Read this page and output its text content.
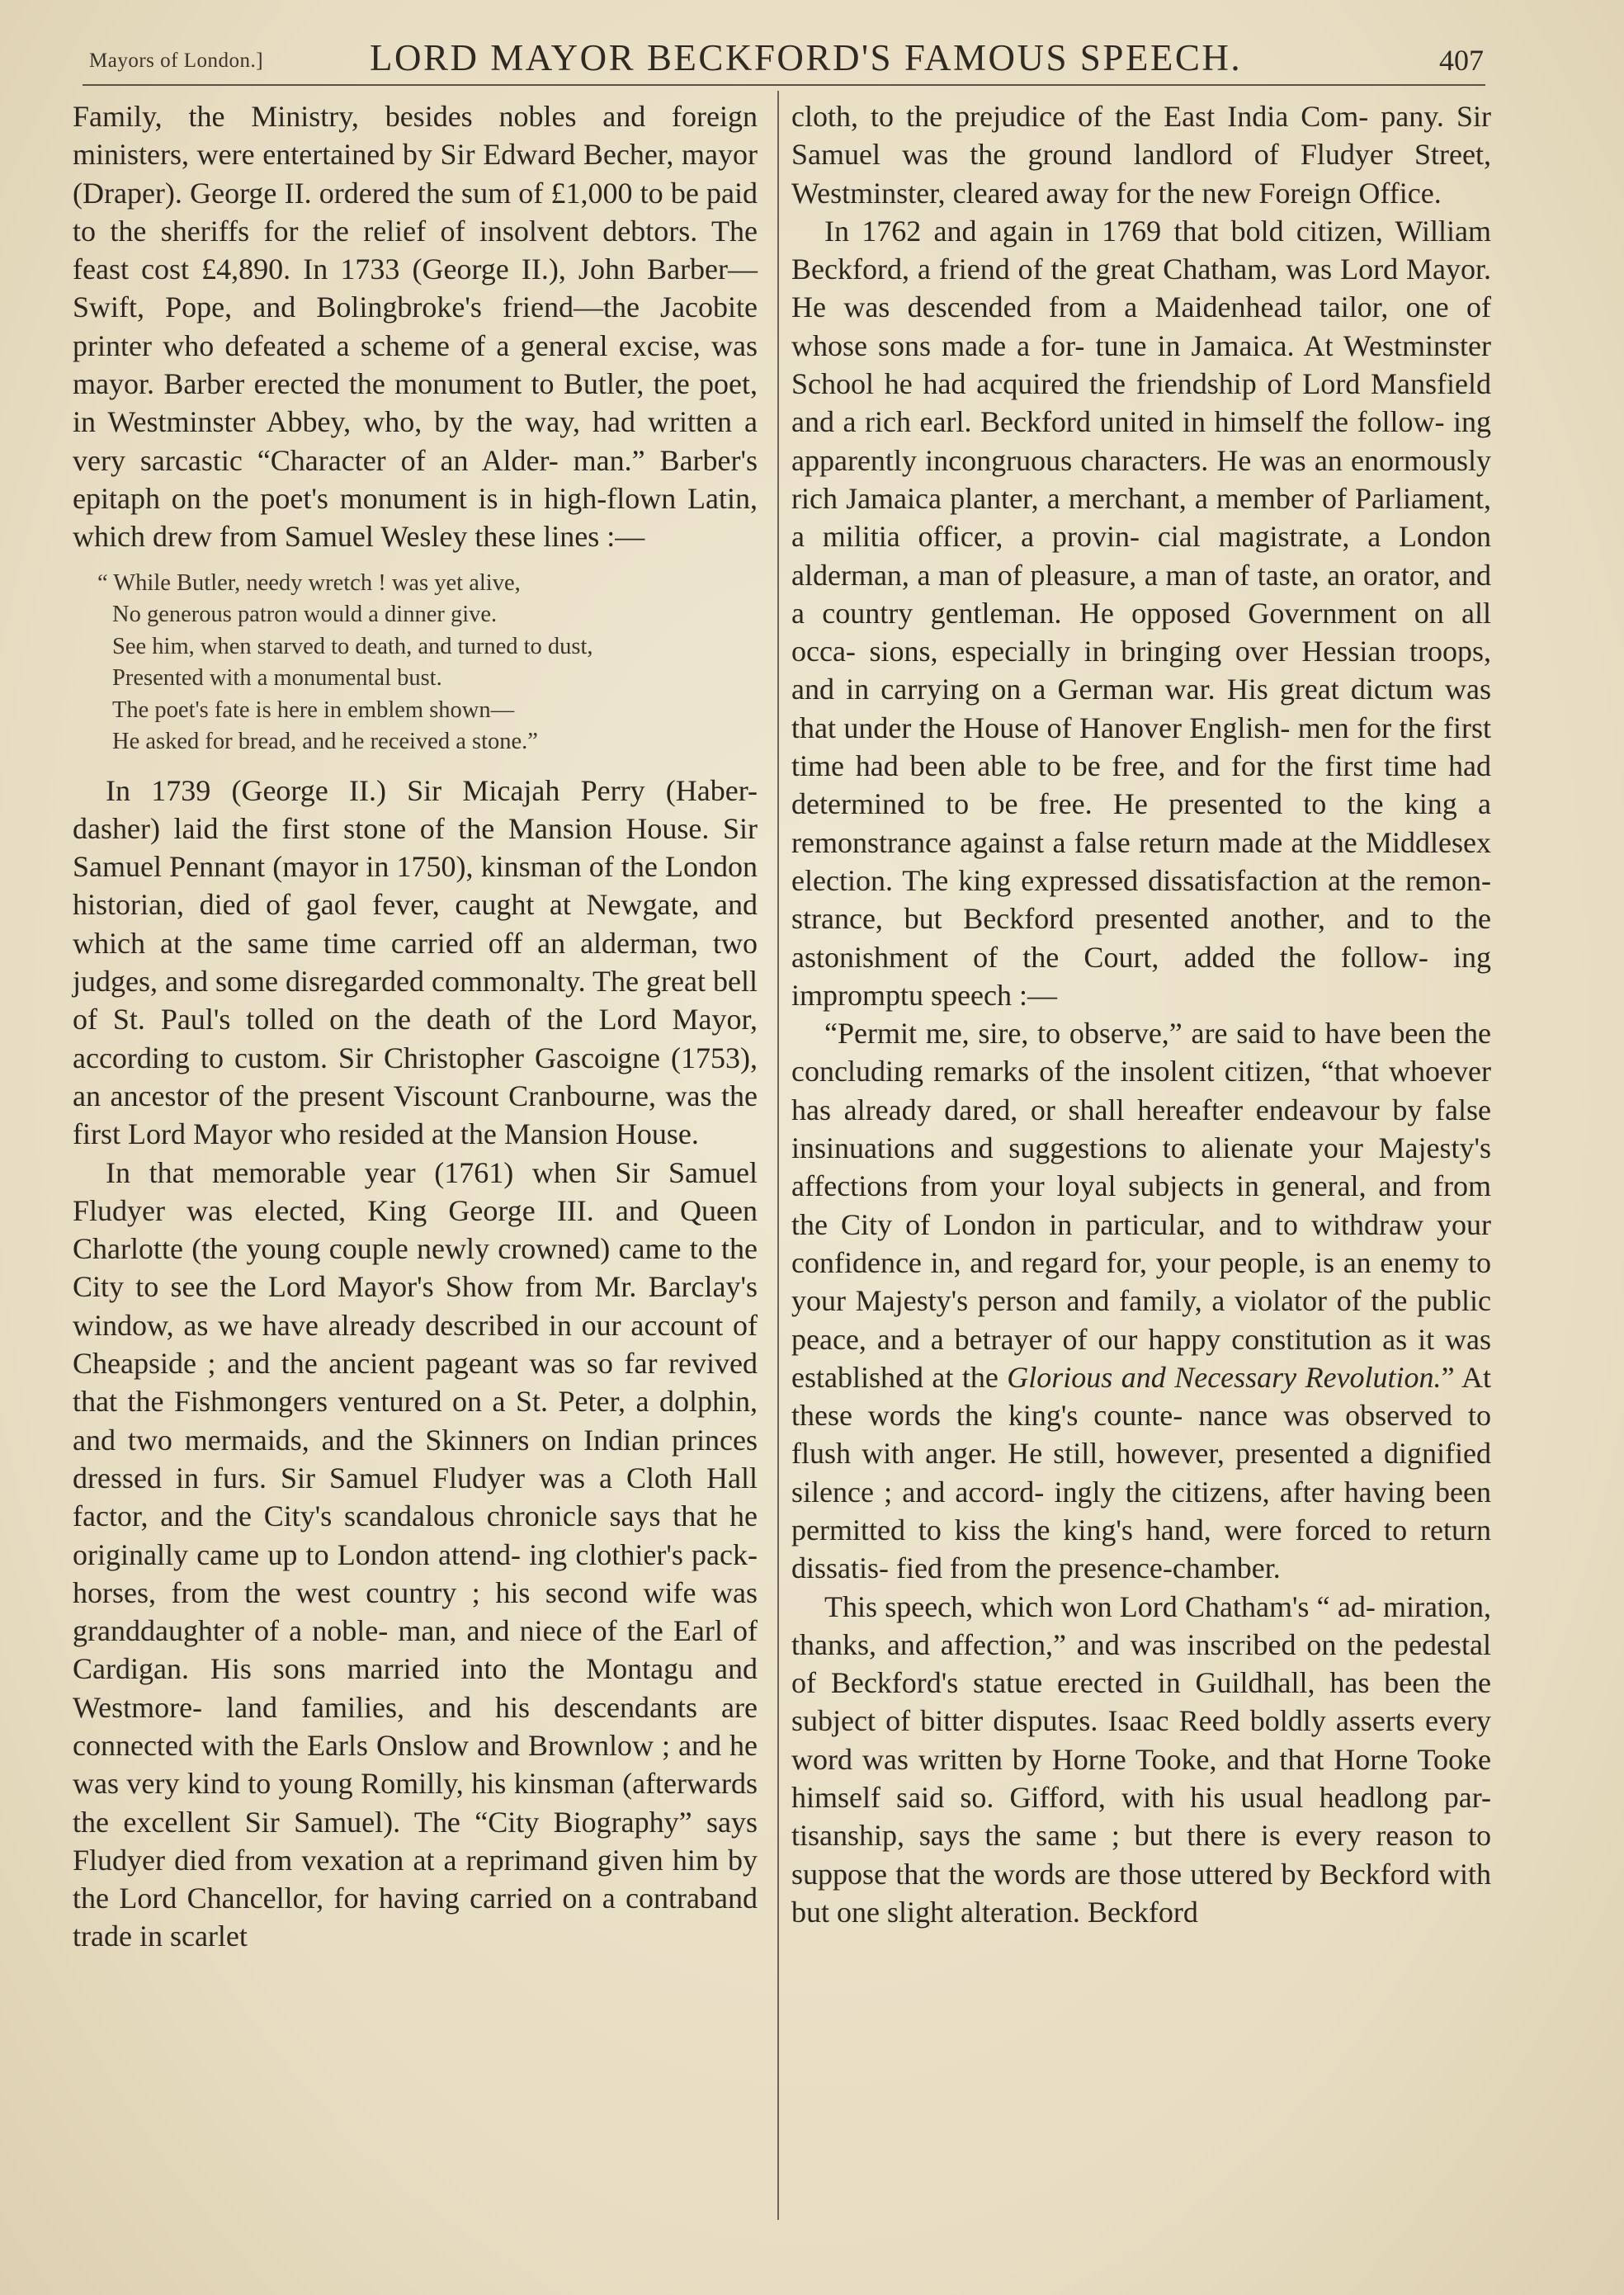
Mayors of London.]	LORD MAYOR BECKFORD'S FAMOUS SPEECH.	407

Family, the Ministry, besides nobles and foreign ministers, were entertained by Sir Edward Becher, mayor (Draper). George II. ordered the sum of £1,000 to be paid to the sheriffs for the relief of insolvent debtors. The feast cost £4,890. In 1733 (George II.), John Barber—Swift, Pope, and Bolingbroke's friend—the Jacobite printer who defeated a scheme of a general excise, was mayor. Barber erected the monument to Butler, the poet, in Westminster Abbey, who, by the way, had written a very sarcastic “Character of an Alder- man.” Barber's epitaph on the poet's monument is in high-flown Latin, which drew from Samuel Wesley these lines :—

“ While Butler, needy wretch ! was yet alive,
No generous patron would a dinner give.
See him, when starved to death, and turned to dust,
Presented with a monumental bust.
The poet's fate is here in emblem shown—
He asked for bread, and he received a stone.”

In 1739 (George II.) Sir Micajah Perry (Haber- dasher) laid the first stone of the Mansion House. Sir Samuel Pennant (mayor in 1750), kinsman of the London historian, died of gaol fever, caught at Newgate, and which at the same time carried off an alderman, two judges, and some disregarded commonalty. The great bell of St. Paul's tolled on the death of the Lord Mayor, according to custom. Sir Christopher Gascoigne (1753), an ancestor of the present Viscount Cranbourne, was the first Lord Mayor who resided at the Mansion House.

In that memorable year (1761) when Sir Samuel Fludyer was elected, King George III. and Queen Charlotte (the young couple newly crowned) came to the City to see the Lord Mayor's Show from Mr. Barclay's window, as we have already described in our account of Cheapside ; and the ancient pageant was so far revived that the Fishmongers ventured on a St. Peter, a dolphin, and two mermaids, and the Skinners on Indian princes dressed in furs. Sir Samuel Fludyer was a Cloth Hall factor, and the City's scandalous chronicle says that he originally came up to London attend- ing clothier's pack-horses, from the west country ; his second wife was granddaughter of a noble- man, and niece of the Earl of Cardigan. His sons married into the Montagu and Westmore- land families, and his descendants are connected with the Earls Onslow and Brownlow ; and he was very kind to young Romilly, his kinsman (afterwards the excellent Sir Samuel). The “City Biography” says Fludyer died from vexation at a reprimand given him by the Lord Chancellor, for having carried on a contraband trade in scarlet

cloth, to the prejudice of the East India Com- pany. Sir Samuel was the ground landlord of Fludyer Street, Westminster, cleared away for the new Foreign Office.

In 1762 and again in 1769 that bold citizen, William Beckford, a friend of the great Chatham, was Lord Mayor. He was descended from a Maidenhead tailor, one of whose sons made a for- tune in Jamaica. At Westminster School he had acquired the friendship of Lord Mansfield and a rich earl. Beckford united in himself the follow- ing apparently incongruous characters. He was an enormously rich Jamaica planter, a merchant, a member of Parliament, a militia officer, a provin- cial magistrate, a London alderman, a man of pleasure, a man of taste, an orator, and a country gentleman. He opposed Government on all occa- sions, especially in bringing over Hessian troops, and in carrying on a German war. His great dictum was that under the House of Hanover English- men for the first time had been able to be free, and for the first time had determined to be free. He presented to the king a remonstrance against a false return made at the Middlesex election. The king expressed dissatisfaction at the remon- strance, but Beckford presented another, and to the astonishment of the Court, added the follow- ing impromptu speech :—

“Permit me, sire, to observe,” are said to have been the concluding remarks of the insolent citizen, “that whoever has already dared, or shall hereafter endeavour by false insinuations and suggestions to alienate your Majesty's affections from your loyal subjects in general, and from the City of London in particular, and to withdraw your confidence in, and regard for, your people, is an enemy to your Majesty's person and family, a violator of the public peace, and a betrayer of our happy constitution as it was established at the Glorious and Necessary Revolution.” At these words the king's counte- nance was observed to flush with anger. He still, however, presented a dignified silence ; and accord- ingly the citizens, after having been permitted to kiss the king's hand, were forced to return dissatis- fied from the presence-chamber.

This speech, which won Lord Chatham's “ ad- miration, thanks, and affection,” and was inscribed on the pedestal of Beckford's statue erected in Guildhall, has been the subject of bitter disputes. Isaac Reed boldly asserts every word was written by Horne Tooke, and that Horne Tooke himself said so. Gifford, with his usual headlong par- tisanship, says the same ; but there is every reason to suppose that the words are those uttered by Beckford with but one slight alteration. Beckford
